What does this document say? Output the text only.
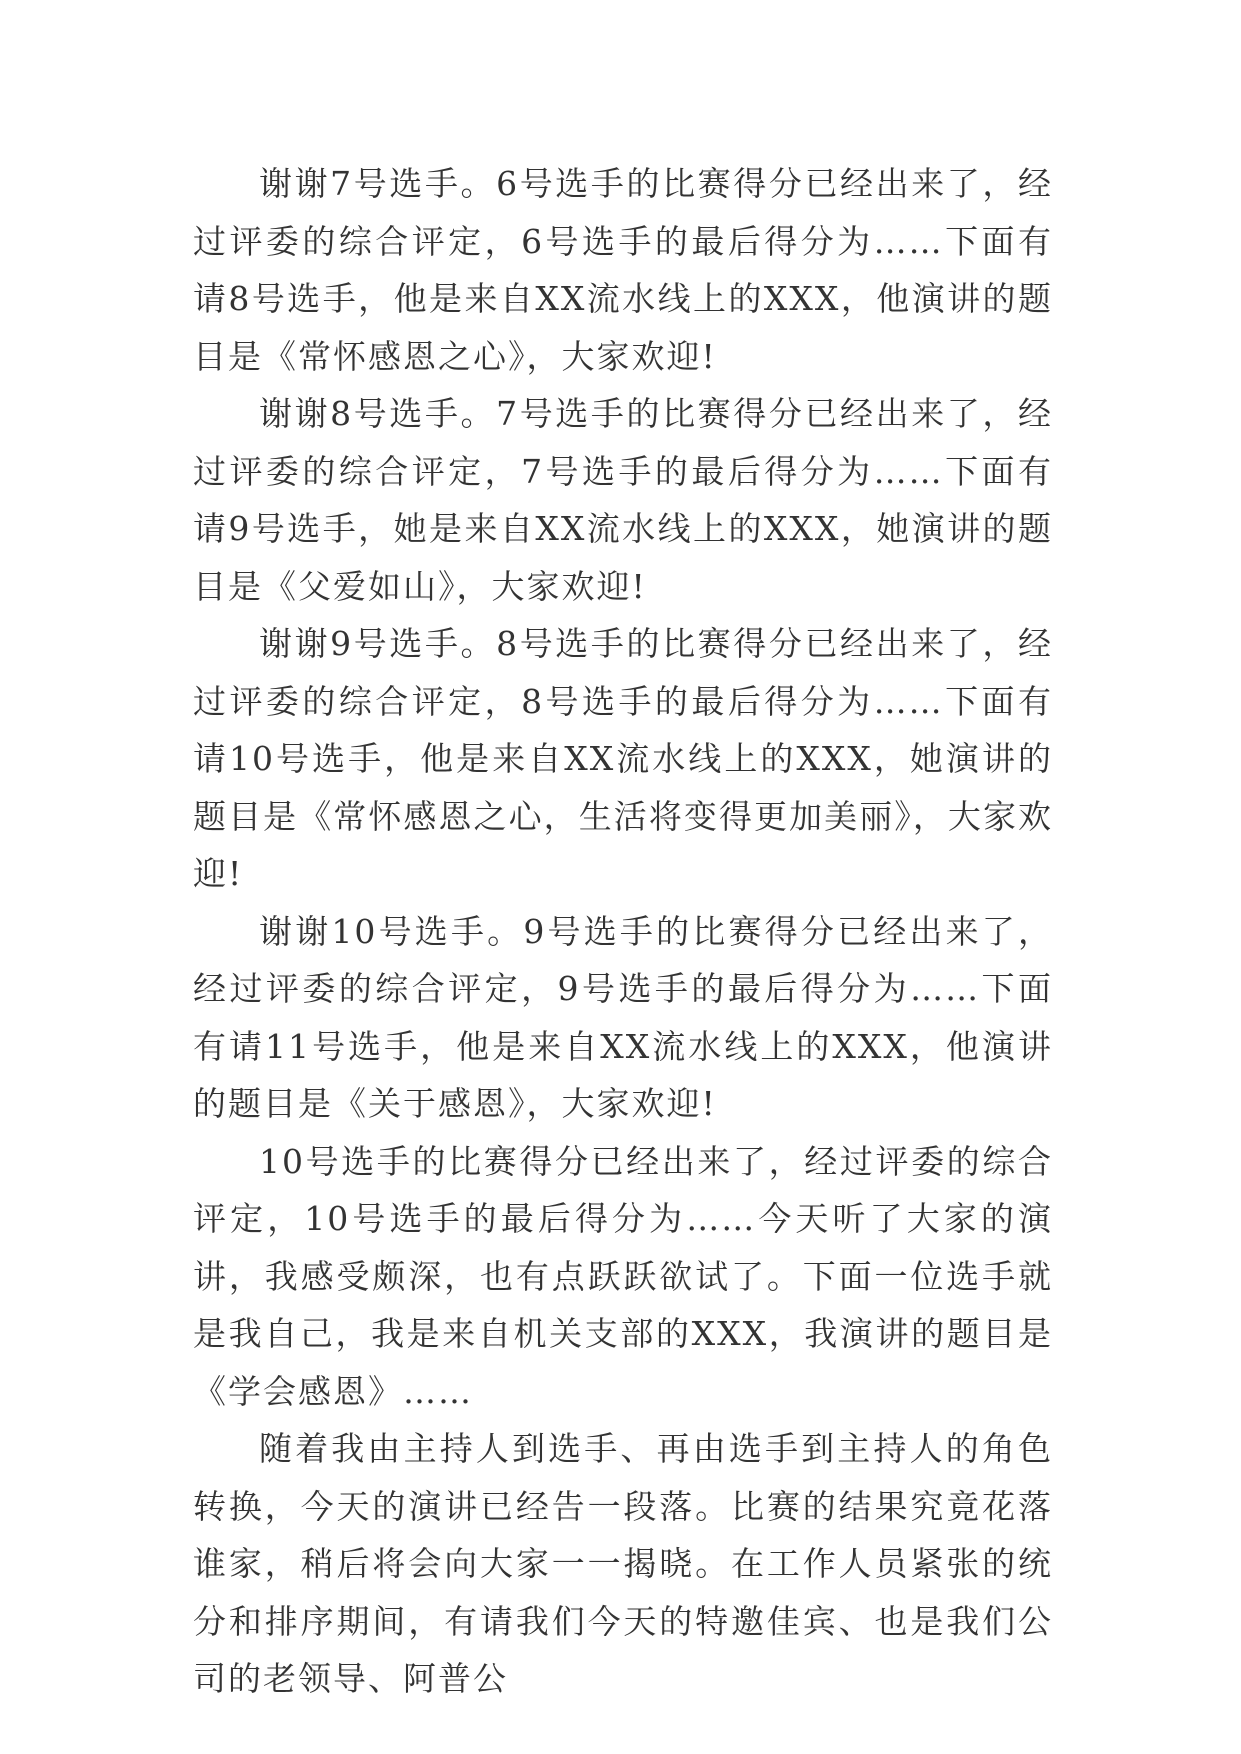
谢谢7号选手。6号选手的比赛得分已经出来了，经过评委的综合评定，6号选手的最后得分为……下面有请8号选手，他是来自XX流水线上的XXX，他演讲的题目是《常怀感恩之心》，大家欢迎!

谢谢8号选手。7号选手的比赛得分已经出来了，经过评委的综合评定，7号选手的最后得分为……下面有请9号选手，她是来自XX流水线上的XXX，她演讲的题目是《父爱如山》，大家欢迎!

谢谢9号选手。8号选手的比赛得分已经出来了，经过评委的综合评定，8号选手的最后得分为……下面有请10号选手，他是来自XX流水线上的XXX，她演讲的题目是《常怀感恩之心，生活将变得更加美丽》，大家欢迎!

谢谢10号选手。9号选手的比赛得分已经出来了，经过评委的综合评定，9号选手的最后得分为……下面有请11号选手，他是来自XX流水线上的XXX，他演讲的题目是《关于感恩》，大家欢迎!

10号选手的比赛得分已经出来了，经过评委的综合评定，10号选手的最后得分为……今天听了大家的演讲，我感受颇深，也有点跃跃欲试了。下面一位选手就是我自己，我是来自机关支部的XXX，我演讲的题目是《学会感恩》……

随着我由主持人到选手、再由选手到主持人的角色转换，今天的演讲已经告一段落。比赛的结果究竟花落谁家，稍后将会向大家一一揭晓。在工作人员紧张的统分和排序期间，有请我们今天的特邀佳宾、也是我们公司的老领导、阿普公
